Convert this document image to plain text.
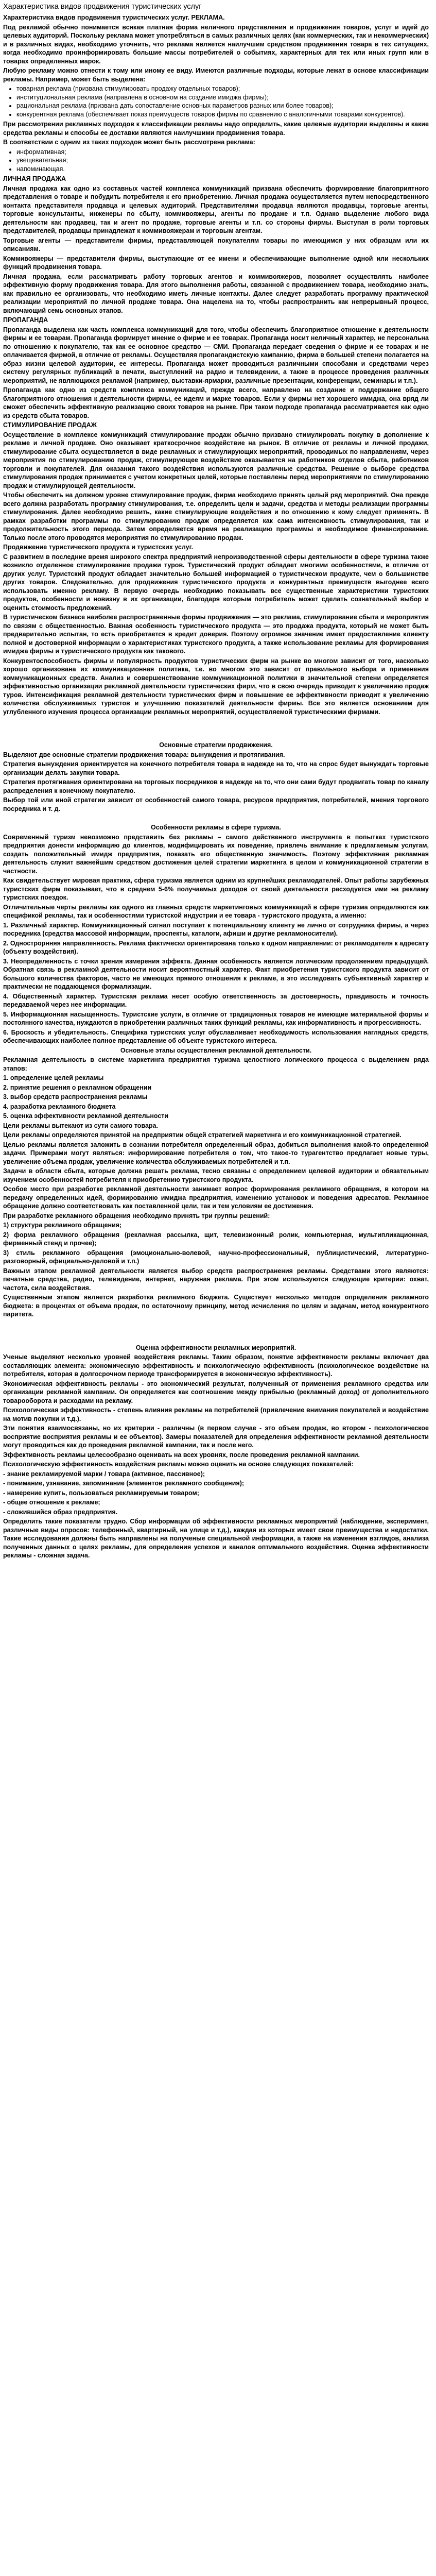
Характеристика видов продвижения туристических услуг
Характеристика видов продвижения туристических услуг. РЕКЛАМА.

Под рекламой обычно понимается всякая платная форма неличного представления и продвижения товаров, услуг и идей до целевых аудиторий. Поскольку реклама может употребляться в самых различных целях (как коммерческих, так и некоммерческих) и в различных видах, необходимо уточнить, что реклама является наилучшим средством продвижения товара в тех ситуациях, когда необходимо проинформировать большие массы потребителей о событиях, характерных для тех или иных групп или в товарах определенных марок.

Любую рекламу можно отнести к тому или иному ее виду. Имеются различные подходы, которые лежат в основе классификации рекламы. Например, может быть выделена:

• товарная реклама (призвана стимулировать продажу отдельных товаров);
• институциональная реклама (направлена в основном на создание имиджа фирмы);
• рациональная реклама (призвана дать сопоставление основных параметров разных или более товаров);
• конкурентная реклама (обеспечивает показ преимуществ товаров фирмы по сравнению с аналогичными товарами конкурентов).

При рассмотрении рекламных подходов к классификации рекламы надо определить, какие целевые аудитории выделены и какие средства рекламы и способы ее доставки являются наилучшими продвижения товара.

В соответствии с одним из таких подходов может быть рассмотрена реклама:

• информативная;
• увещевательная;
• напоминающая.
ЛИЧНАЯ ПРОДАЖА

Личная продажа как одно из составных частей комплекса коммуникаций призвана обеспечить формирование благоприятного представления о товаре и побудить потребителя к его приобретению. Личная продажа осуществляется путем непосредственного контакта представителя продавца и целевых аудиторий. Представителями продавца являются продавцы, торговые агенты, торговые консультанты, инженеры по сбыту, коммивояжеры, агенты по продаже и т.п. Однако выделение любого вида деятельности как продавец, так и агент по продаже, торговые агенты и т.п. со стороны фирмы. Выступая в роли торговых представителей, продавцы принадлежат к коммивояжерам и торговым агентам.

Торговые агенты — представители фирмы, представляющей покупателям товары по имеющимся у них образцам или их описаниям.

Коммивояжеры — представители фирмы, выступающие от ее имени и обеспечивающие выполнение одной или нескольких функций продвижения товара.

Личная продажа, если рассматривать работу торговых агентов и коммивояжеров, позволяет осуществлять наиболее эффективную форму продвижения товара. Для этого выполнения работы, связанной с продвижением товара, необходимо знать, как правильно ее организовать, что необходимо иметь личные контакты. Далее следует разработать программу практической реализации мероприятий по личной продаже товара. Она нацелена на то, чтобы распространить как непрерывный процесс, включающий семь основных этапов.

ПРОПАГАНДА

Пропаганда выделена как часть комплекса коммуникаций для того, чтобы обеспечить благоприятное отношение к деятельности фирмы и ее товарам. Пропаганда формирует мнение о фирме и ее товарах. Пропаганда носит неличный характер, не персональна по отношению к покупателю, так как ее основное средство — СМИ. Пропаганда передает сведения о фирме и ее товарах и не оплачивается фирмой, в отличие от рекламы. Осуществляя пропагандистскую кампанию, фирма в большей степени полагается на образ жизни целевой аудитории, ее интересы. Пропаганда может проводиться различными способами и средствами через систему регулярных публикаций в печати, выступлений на радио и телевидении, а также в процессе проведения различных мероприятий, не являющихся рекламой (например, выставки-ярмарки, различные презентации, конференции, семинары и т.п.).

Пропаганда как одно из средств комплекса коммуникаций, прежде всего, направлено на создание и поддержание общего благоприятного отношения к деятельности фирмы, ее идеям и марке товаров. Если у фирмы нет хорошего имиджа, она вряд ли сможет обеспечить эффективную реализацию своих товаров на рынке. При таком подходе пропаганда рассматривается как одно из средств сбыта товаров.

СТИМУЛИРОВАНИЕ ПРОДАЖ

Осуществление в комплексе коммуникаций стимулирование продаж обычно призвано стимулировать покупку в дополнение к рекламе и личной продаже. Оно оказывает краткосрочное воздействие на рынок. В отличие от рекламы и личной продажи, стимулирование сбыта осуществляется в виде рекламных и стимулирующих мероприятий, проводимых по направлениям, через мероприятия по стимулированию продаж, стимулирующее воздействие оказывается на работников отделов сбыта, работников торговли и покупателей. Для оказания такого воздействия используются различные средства. Решение о выборе средства стимулирования продаж принимается с учетом конкретных целей, которые поставлены перед мероприятиями по стимулированию продаж и стимулирующей деятельности.

Чтобы обеспечить на должном уровне стимулирование продаж, фирма необходимо принять целый ряд мероприятий. Она прежде всего должна разработать программу стимулирования, т.е. определить цели и задачи, средства и методы реализации программы стимулирования. Далее необходимо решить, какие стимулирующие воздействия и по отношению к кому следует применять. В рамках разработки программы по стимулированию продаж определяется как сама интенсивность стимулирования, так и продолжительность этого периода. Затем определяется время на реализацию программы и необходимое финансирование. Только после этого проводятся мероприятия по стимулированию продаж.

Продвижение туристического продукта и туристских услуг.

С развитием в последние время широкого спектра предприятий непроизводственной сферы деятельности в сфере туризма также возникло отделенное стимулирование продажи туров. Туристический продукт обладает многими особенностями, в отличие от других услуг. Туристский продукт обладает значительно большей информацией о туристическом продукте, чем о большинстве других товаров. Следовательно, для продвижения туристического продукта и конкурентных преимуществ выгоднее всего использовать именно рекламу. В первую очередь необходимо показывать все существенные характеристики туристских продуктов, особенности и новизну в их организации, благодаря которым потребитель может сделать сознательный выбор и оценить стоимость предложений.

В туристическом бизнесе наиболее распространенные формы продвижения — это реклама, стимулирование сбыта и мероприятия по связям с общественностью. Важная особенность туристического продукта — это продажа продукта, который не может быть предварительно испытан, то есть приобретается в кредит доверия. Поэтому огромное значение имеет предоставление клиенту полной и достоверной информации о характеристиках туристского продукта, а также использование рекламы для формирования имиджа фирмы и туристического продукта как такового.

Конкурентоспособность фирмы и популярность продуктов туристических фирм на рынке во многом зависит от того, насколько хорошо организована их коммуникационная политика, т.е. во многом это зависит от правильного выбора и применения коммуникационных средств. Анализ и совершенствование коммуникационной политики в значительной степени определяется эффективностью организации рекламной деятельности туристических фирм, что в свою очередь приводит к увеличению продаж туров. Интенсификация рекламной деятельности туристических фирм и повышение ее эффективности приводит к увеличению количества обслуживаемых туристов и улучшению показателей деятельности фирмы. Все это является основанием для углубленного изучения процесса организации рекламных мероприятий, осуществляемой туристическими фирмами.

Основные стратегии продвижения.

Выделяют две основные стратегии продвижения товара: вынуждения и протягивания.

Стратегия вынуждения ориентируется на конечного потребителя товара в надежде на то, что на спрос будет вынуждать торговые организации делать закупки товара.

Стратегия протягивания ориентирована на торговых посредников в надежде на то, что они сами будут продвигать товар по каналу распределения к конечному покупателю.

Выбор той или иной стратегии зависит от особенностей самого товара, ресурсов предприятия, потребителей, мнения торгового посредника и т. д.

Особенности рекламы в сфере туризма.

Современный туризм невозможно представить без рекламы – самого действенного инструмента в попытках туристского предприятия донести информацию до клиентов, модифицировать их поведение, привлечь внимание к предлагаемым услугам, создать положительный имидж предприятия, показать его общественную значимость. Поэтому эффективная рекламная деятельность служит важнейшим средством достижения целей стратегии маркетинга в целом и коммуникационной стратегии в частности.

Как свидетельствует мировая практика, сфера туризма является одним из крупнейших рекламодателей. Опыт работы зарубежных туристских фирм показывает, что в среднем 5-6% получаемых доходов от своей деятельности расходуется ими на рекламу туристских поездок.

Отличительные черты рекламы как одного из главных средств маркетинговых коммуникаций в сфере туризма определяются как спецификой рекламы, так и особенностями туристской индустрии и ее товара - туристского продукта, а именно:

1. Различный характер. Коммуникационный сигнал поступает к потенциальному клиенту не лично от сотрудника фирмы, а через посредника (средства массовой информации, проспекты, каталоги, афиши и другие рекламоносители).

2. Однострорнняя направленность. Реклама фактически ориентирована только к одном направлении: от рекламодателя к адресату (объекту воздействия).

3. Неопределенность с точки зрения измерения эффекта. Данная особенность является логическим продолжением предыдущей. Обратная связь в рекламной деятельности носит вероятностный характер. Факт приобретения туристского продукта зависит от большого количества факторов, часто не имеющих прямого отношения к рекламе, а это исследовать субъективный характер и практически не поддающемся формализации.

4. Общественный характер. Туристская реклама несет особую ответственность за достоверность, правдивость и точность передаваемой через нее информации.

5. Информационная насыщенность. Туристские услуги, в отличие от традиционных товаров не имеющие материальной формы и постоянного качества, нуждаются в приобретении различных таких функций рекламы, как информативность и прогрессивность.

6. Броскость и убедительность. Специфика туристских услуг обуславливает необходимость использования наглядных средств, обеспечивающих наиболее полное представление об объекте туристского интереса.

Основные этапы осуществления рекламной деятельности.

Рекламная деятельность в системе маркетинга предприятия туризма целостного логического процесса с выделением ряда этапов:

1. определение целей рекламы

2. принятие решения о рекламном обращении

3. выбор средств распространения рекламы

4. разработка рекламного бюджета

5. оценка эффективности рекламной деятельности

Цели рекламы вытекают из сути самого товара.

Цели рекламы определяются принятой на предприятии общей стратегией маркетинга и его коммуникационной стратегией.

Целью рекламы является заложить в сознании потребителя определенный образ, добиться выполнения какой-то определенной задачи. Примерами могут являться: информирование потребителя о том, что такое-то турагентство предлагает новые туры, увеличение объема продаж, увеличение количества обслуживаемых потребителей и т.п.

Задачи в области сбыта, которые должна решать реклама, тесно связаны с определением целевой аудитории и обязательным изучением особенностей потребителя к приобретению туристского продукта.

Особое место при разработке рекламной деятельности занимает вопрос формирования рекламного обращения, в котором на передачу определенных идей, формированию имиджа предприятия, изменению установок и поведения адресатов. Рекламное обращение должно соответствовать как поставленной цели, так и тем условиям ее достижения.

При разработке рекламного обращения необходимо принять три группы решений:

1) структура рекламного обращения;

2) форма рекламного обращения (рекламная рассылка, щит, телевизионный ролик, компьютерная, мультипликационная, фирменный стенд и прочее);

3) стиль рекламного обращения (эмоционально-волевой, научно-профессиональный, публицистический, литературно-разговорный, официально-деловой и т.п.)

Важным этапом рекламной деятельности является выбор средств распространения рекламы. Средствами этого являются: печатные средства, радио, телевидение, интернет, наружная реклама. При этом используются следующие критерии: охват, частота, сила воздействия.

Существенным этапом является разработка рекламного бюджета. Существует несколько методов определения рекламного бюджета: в процентах от объема продаж, по остаточному принципу, метод исчисления по целям и задачам, метод конкурентного паритета.

Оценка эффективности рекламных мероприятий.

Ученые выделяют несколько уровней воздействия рекламы. Таким образом, понятие эффективности рекламы включает два составляющих элемента: экономическую эффективность и психологическую эффективность (психологическое воздействие на потребителя, которая в долгосрочном периоде трансформируется в экономическую эффективность).

Экономическая эффективность рекламы - это экономический результат, полученный от применения рекламного средства или организации рекламной кампании. Он определяется как соотношение между прибылью (рекламный доход) от дополнительного товарооборота и расходами на рекламу.

Психологическая эффективность - степень влияния рекламы на потребителей (привлечение внимания покупателей и воздействие на мотив покупки и т.д.).

Эти понятия взаимосвязаны, но их критерии - различны (в первом случае - это объем продаж, во втором - психологическое восприятие восприятия рекламы и ее объектов). Замеры показателей для определения эффективности рекламной деятельности могут проводиться как до проведения рекламной кампании, так и после него.

Эффективность рекламы целесообразно оценивать на всех уровнях, после проведения рекламной кампании.

Психологическую эффективность воздействия рекламы можно оценить на основе следующих показателей:

- знание рекламируемой марки / товара (активное, пассивное);

- понимание, узнавание, запоминание (элементов рекламного сообщения);

- намерение купить, пользоваться рекламируемым товаром;

- общее отношение к рекламе;

- сложившийся образ предприятия.

Определить такие показатели трудно. Сбор информации об эффективности рекламных мероприятий (наблюдение, эксперимент, различные виды опросов: телефонный, квартирный, на улице и т.д.), каждая из которых имеет свои преимущества и недостатки. Такие исследования должны быть направлены на полученые специальной информации, а также на изменения взглядов, анализа полученных данных о целях рекламы, для определения успехов и каналов оптимального воздействия. Оценка эффективности рекламы - сложная задача.
